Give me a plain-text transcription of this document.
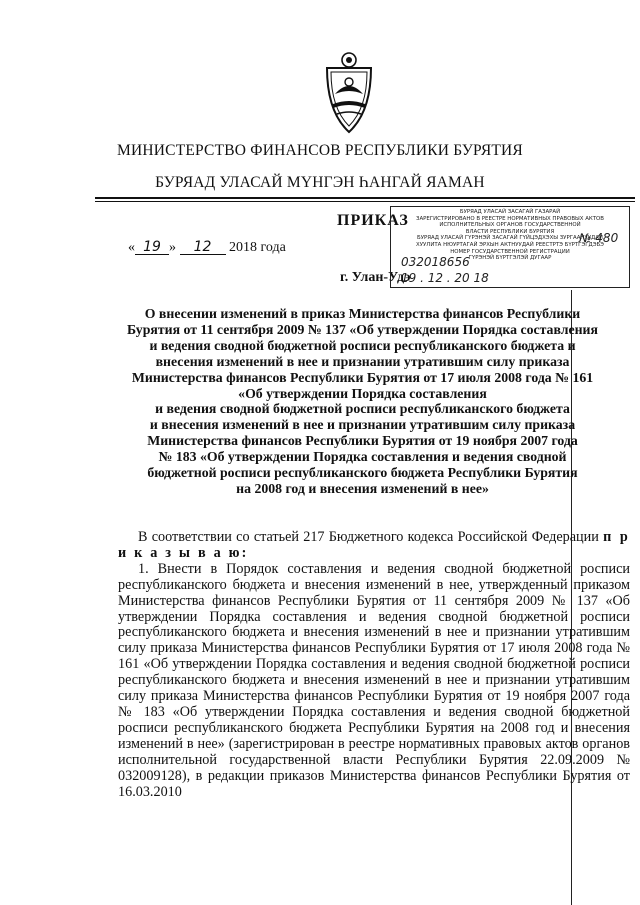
МИНИСТЕРСТВО ФИНАНСОВ РЕСПУБЛИКИ БУРЯТИЯ
БУРЯАД УЛАСАЙ МҮНГЭН ҺАНГАЙ ЯАМАН
ПРИКАЗ
« 19 » 12 2018 года
г. Улан-Удэ
БУРЯАД УЛАСАЙ ЗАСАГАЙ ГАЗАРАЙ
ЗАРЕГИСТРИРОВАНО В РЕЕСТРЕ НОРМАТИВНЫХ ПРАВОВЫХ АКТОВ
ИСПОЛНИТЕЛЬНЫХ ОРГАНОВ ГОСУДАРСТВЕННОЙ
ВЛАСТИ РЕСПУБЛИКИ БУРЯТИЯ
БУРЯАД УЛАСАЙ ГҮРЭНЭЙ ЗАСАГАЙ ГҮЙЦЭДХЭХЫ ЗУРГААНУУДАЙ
ХУУЛИТА НЮУРТАГАЙ ЭРХЫН АКТНУУДАЙ РЕЕСТРТЭ БҮРТГЭГДЭБЭ
НОМЕР ГОСУДАРСТВЕННОЙ РЕГИСТРАЦИИ
ГҮРЭНЭЙ БҮРТГЭЛЭЙ ДУГААР
№ 480
032018656
19 . 12 . 20 18
О внесении изменений в приказ Министерства финансов Республики
Бурятия от 11 сентября 2009 № 137 «Об утверждении Порядка составления
и ведения сводной бюджетной росписи республиканского бюджета и
внесения изменений в нее и признании утратившим силу приказа
Министерства финансов Республики Бурятия от 17 июля 2008 года № 161
«Об утверждении Порядка составления
и ведения сводной бюджетной росписи республиканского бюджета
и внесения изменений в нее и признании утратившим силу приказа
Министерства финансов Республики Бурятия от 19 ноября 2007 года
№ 183 «Об утверждении Порядка составления и ведения сводной
бюджетной росписи республиканского бюджета Республики Бурятия
на 2008 год и внесения изменений в нее»

В соответствии со статьей 217 Бюджетного кодекса Российской Федерации п р и к а з ы в а ю:

1. Внести в Порядок составления и ведения сводной бюджетной росписи республиканского бюджета и внесения изменений в нее, утвержденный приказом Министерства финансов Республики Бурятия от 11 сентября 2009 № 137 «Об утверждении Порядка составления и ведения сводной бюджетной росписи республиканского бюджета и внесения изменений в нее и признании утратившим силу приказа Министерства финансов Республики Бурятия от 17 июля 2008 года № 161 «Об утверждении Порядка составления и ведения сводной бюджетной росписи республиканского бюджета и внесения изменений в нее и признании утратившим силу приказа Министерства финансов Республики Бурятия от 19 ноября 2007 года № 183 «Об утверждении Порядка составления и ведения сводной бюджетной росписи республиканского бюджета Республики Бурятия на 2008 год и внесения изменений в нее» (зарегистрирован в реестре нормативных правовых актов органов исполнительной государственной власти Республики Бурятия 22.09.2009 № 032009128), в редакции приказов Министерства финансов Республики Бурятия от 16.03.2010
